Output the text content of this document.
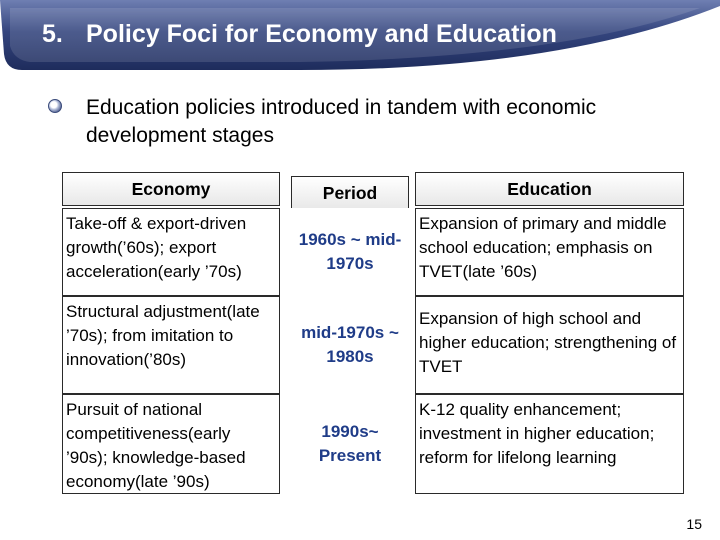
5. Policy Foci for Economy and Education
Education policies introduced in tandem with economic development stages
Economy	Period	Education
Take-off & export-driven growth(’60s); export acceleration(early ’70s)
1960s ~ mid-1970s
Expansion of primary and middle school education; emphasis on TVET(late ’60s)
Structural adjustment(late ’70s); from imitation to innovation(’80s)
mid-1970s ~ 1980s
Expansion of high school and higher education; strengthening of TVET
Pursuit of national competitiveness(early ’90s); knowledge-based economy(late ’90s)
1990s~ Present
K-12 quality enhancement; investment in higher education; reform for lifelong learning
15
